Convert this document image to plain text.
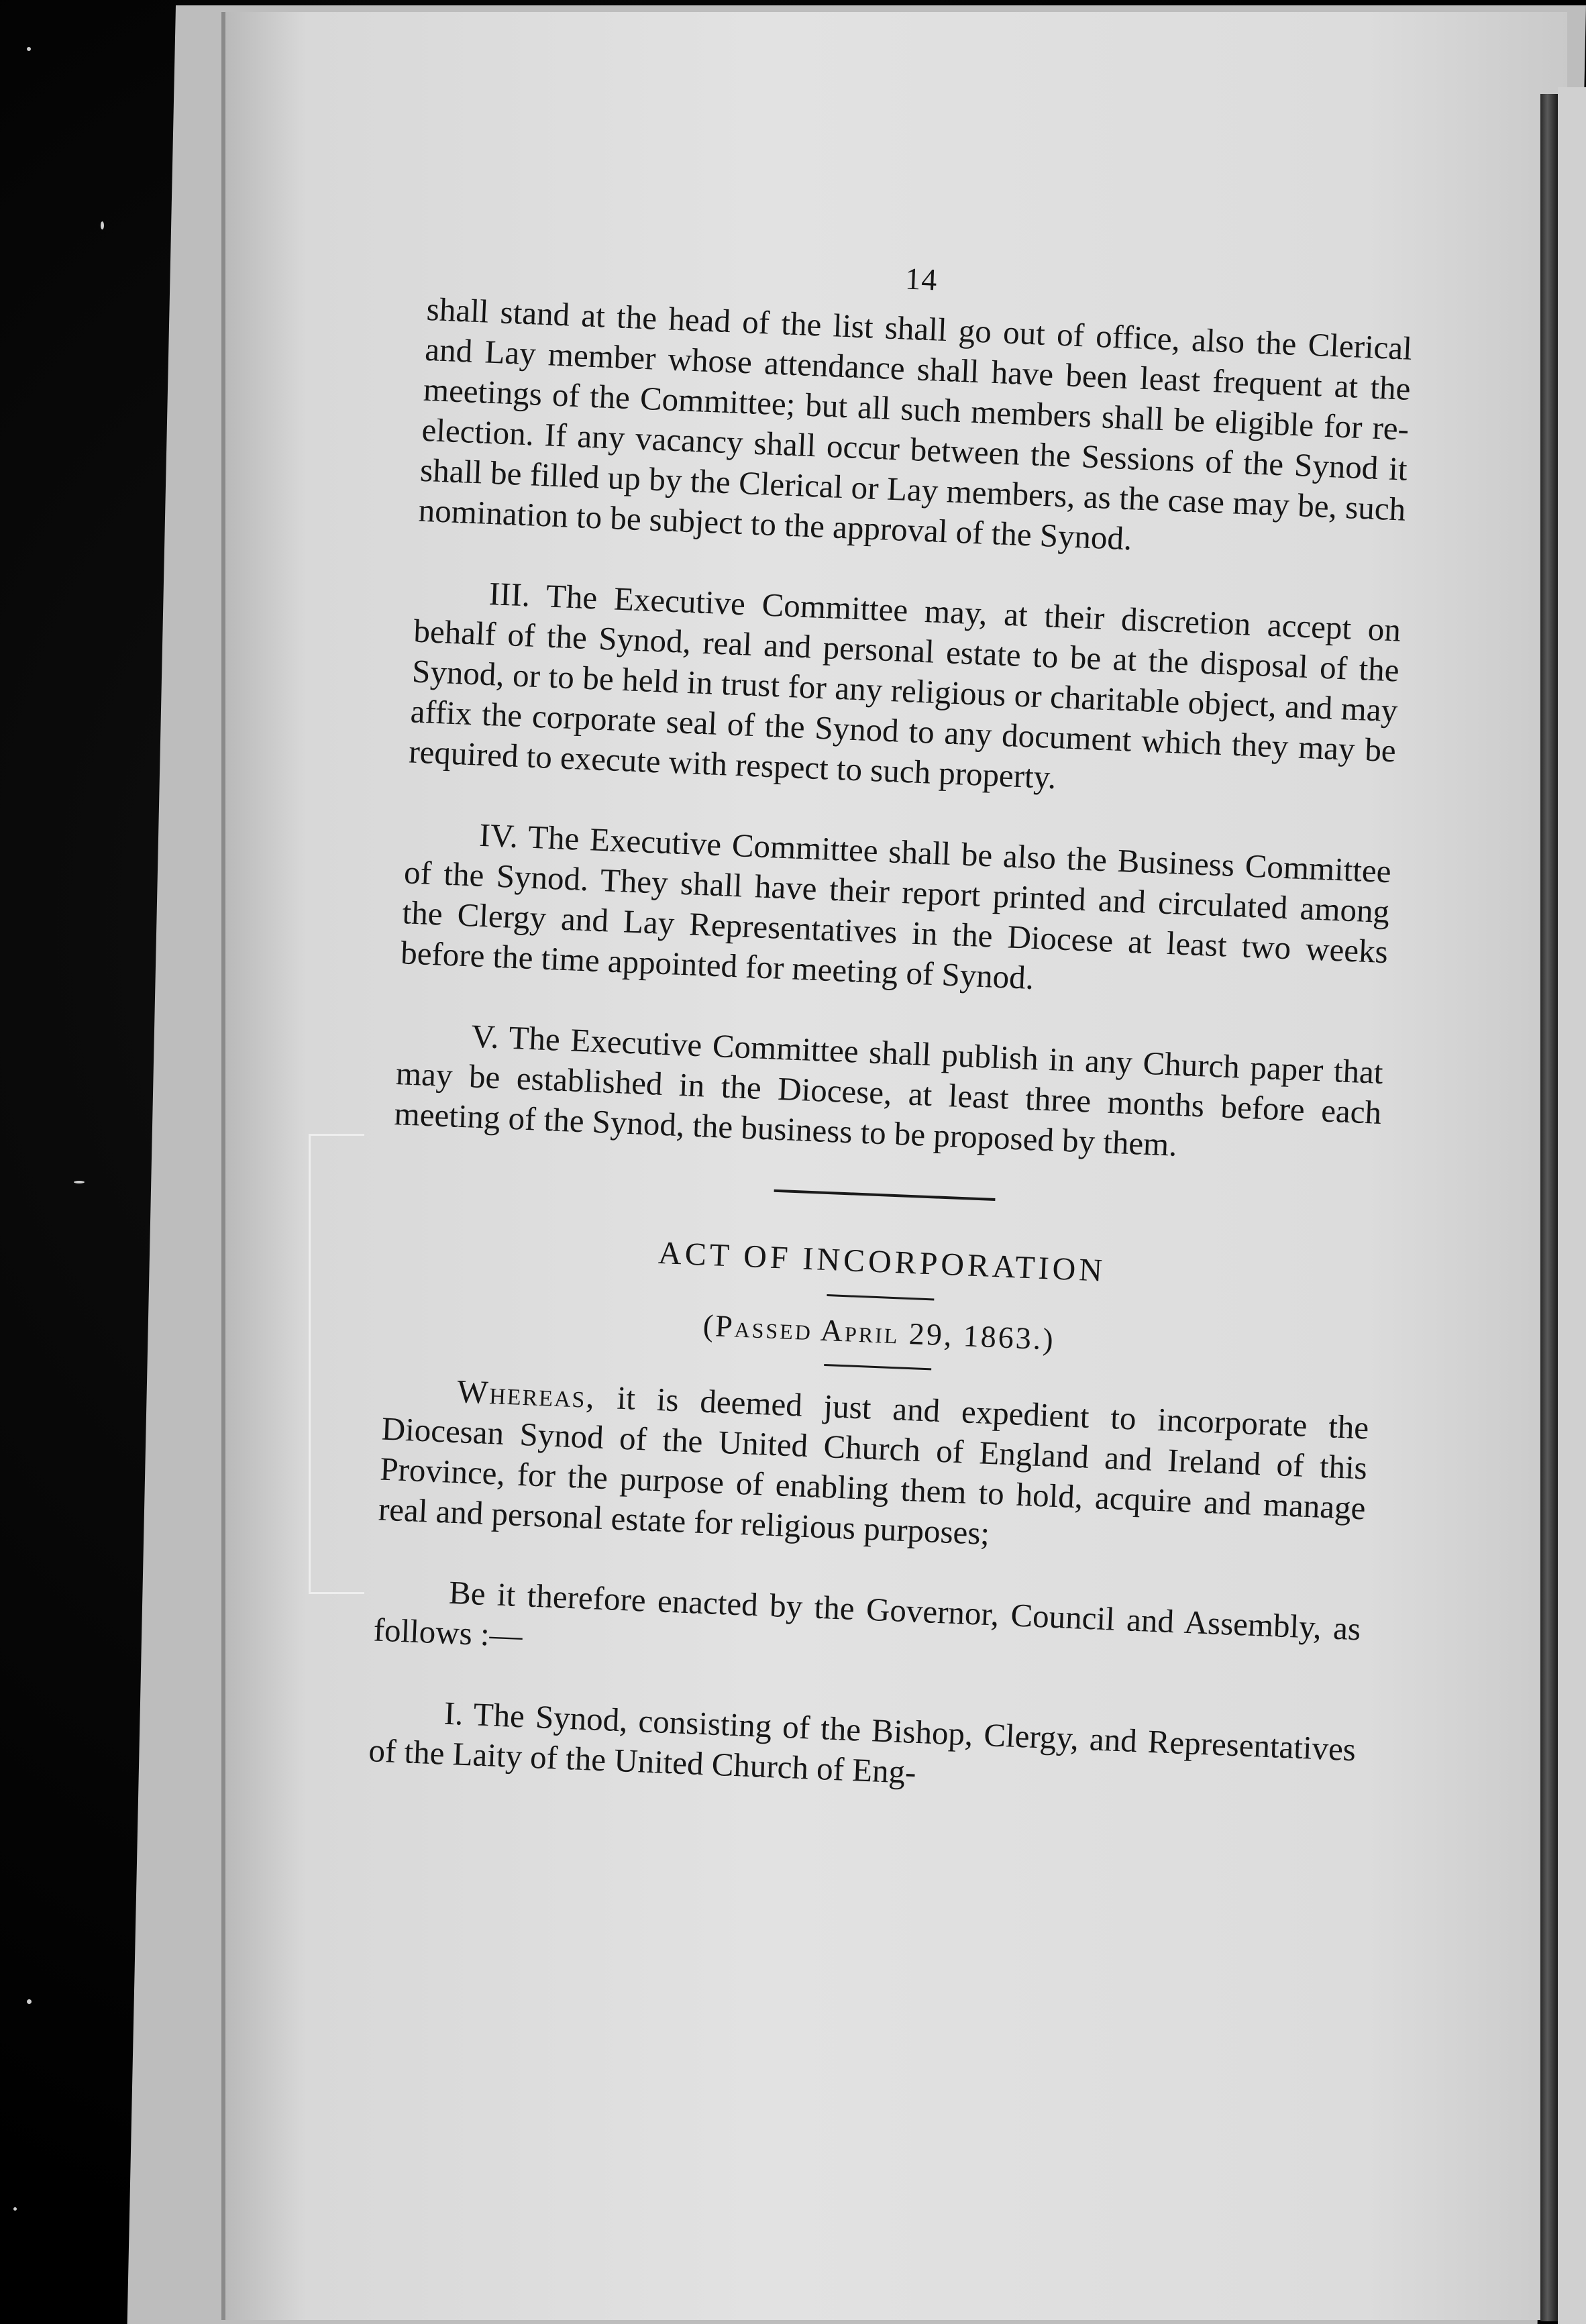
14

shall stand at the head of the list shall go out of office, also the Clerical and Lay member whose attendance shall have been least frequent at the meetings of the Committee; but all such members shall be eligible for re-election. If any vacancy shall occur between the Sessions of the Synod it shall be filled up by the Clerical or Lay members, as the case may be, such nomination to be subject to the approval of the Synod.

III. The Executive Committee may, at their discretion accept on behalf of the Synod, real and personal estate to be at the disposal of the Synod, or to be held in trust for any religious or charitable object, and may affix the corporate seal of the Synod to any document which they may be required to execute with respect to such property.

IV. The Executive Committee shall be also the Business Committee of the Synod. They shall have their report printed and circulated among the Clergy and Lay Representatives in the Diocese at least two weeks before the time appointed for meeting of Synod.

V. The Executive Committee shall publish in any Church paper that may be established in the Diocese, at least three months before each meeting of the Synod, the business to be proposed by them.

ACT OF INCORPORATION

(Passed April 29, 1863.)

Whereas, it is deemed just and expedient to incorporate the Diocesan Synod of the United Church of England and Ireland of this Province, for the purpose of enabling them to hold, acquire and manage real and personal estate for religious purposes;

Be it therefore enacted by the Governor, Council and Assembly, as follows :—

I. The Synod, consisting of the Bishop, Clergy, and Representatives of the Laity of the United Church of Eng-
